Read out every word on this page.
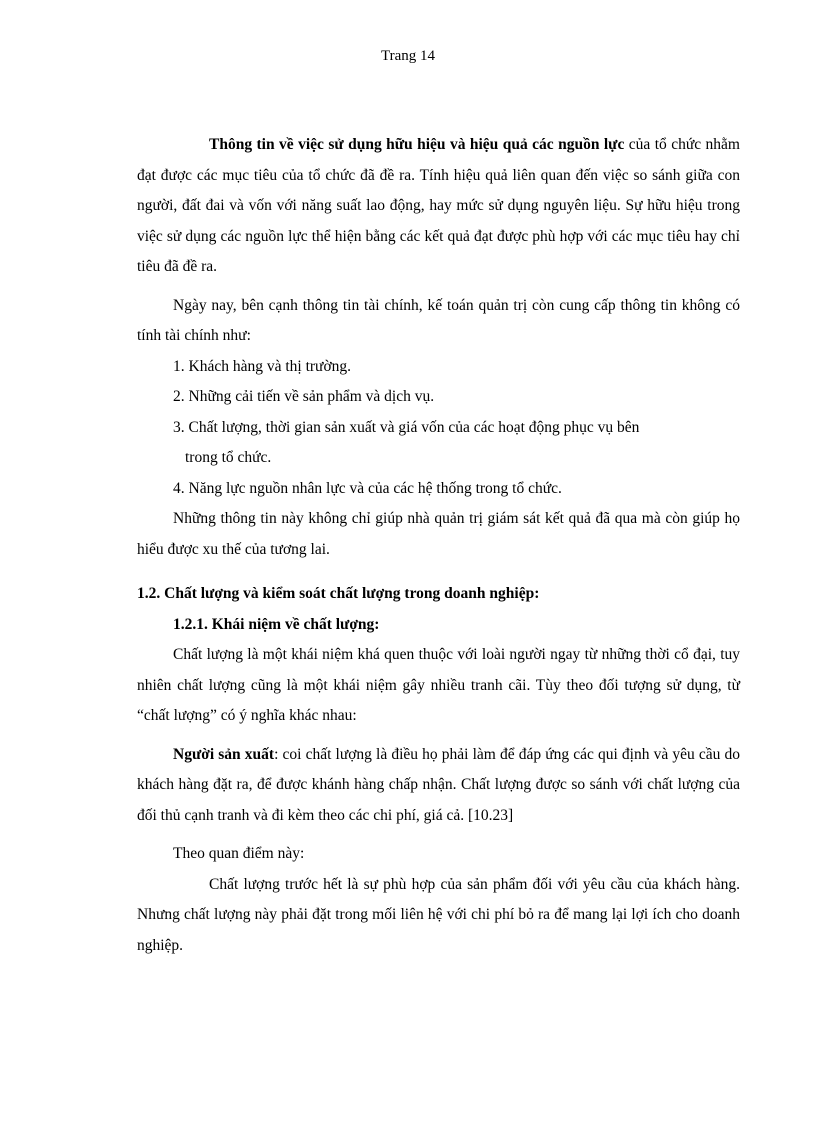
Trang 14

Thông tin về việc sử dụng hữu hiệu và hiệu quả các nguồn lực của tổ chức nhằm đạt được các mục tiêu của tổ chức đã đề ra. Tính hiệu quả liên quan đến việc so sánh giữa con người, đất đai và vốn với năng suất lao động, hay mức sử dụng nguyên liệu. Sự hữu hiệu trong việc sử dụng các nguồn lực thể hiện bằng các kết quả đạt được phù hợp với các mục tiêu hay chỉ tiêu đã đề ra.

Ngày nay, bên cạnh thông tin tài chính, kế toán quản trị còn cung cấp thông tin không có tính tài chính như:

1. Khách hàng và thị trường.

2. Những cải tiến về sản phẩm và dịch vụ.

3. Chất lượng, thời gian sản xuất và giá vốn của các hoạt động phục vụ bên

trong tổ chức.

4. Năng lực nguồn nhân lực và của các hệ thống trong tổ chức.

Những thông tin này không chỉ giúp nhà quản trị giám sát kết quả đã qua mà còn giúp họ hiểu được xu thế của tương lai.

1.2. Chất lượng và kiểm soát chất lượng trong doanh nghiệp:

1.2.1. Khái niệm về chất lượng:

Chất lượng là một khái niệm khá quen thuộc với loài người ngay từ những thời cổ đại, tuy nhiên chất lượng cũng là một khái niệm gây nhiều tranh cãi. Tùy theo đối tượng sử dụng, từ “chất lượng” có ý nghĩa khác nhau:

Người sản xuất: coi chất lượng là điều họ phải làm để đáp ứng các qui định và yêu cầu do khách hàng đặt ra, để được khánh hàng chấp nhận. Chất lượng được so sánh với chất lượng của đối thủ cạnh tranh và đi kèm theo các chi phí, giá cả. [10.23]

Theo quan điểm này:

Chất lượng trước hết là sự phù hợp của sản phẩm đối với yêu cầu của khách hàng. Nhưng chất lượng này phải đặt trong mối liên hệ với chi phí bỏ ra để mang lại lợi ích cho doanh nghiệp.
